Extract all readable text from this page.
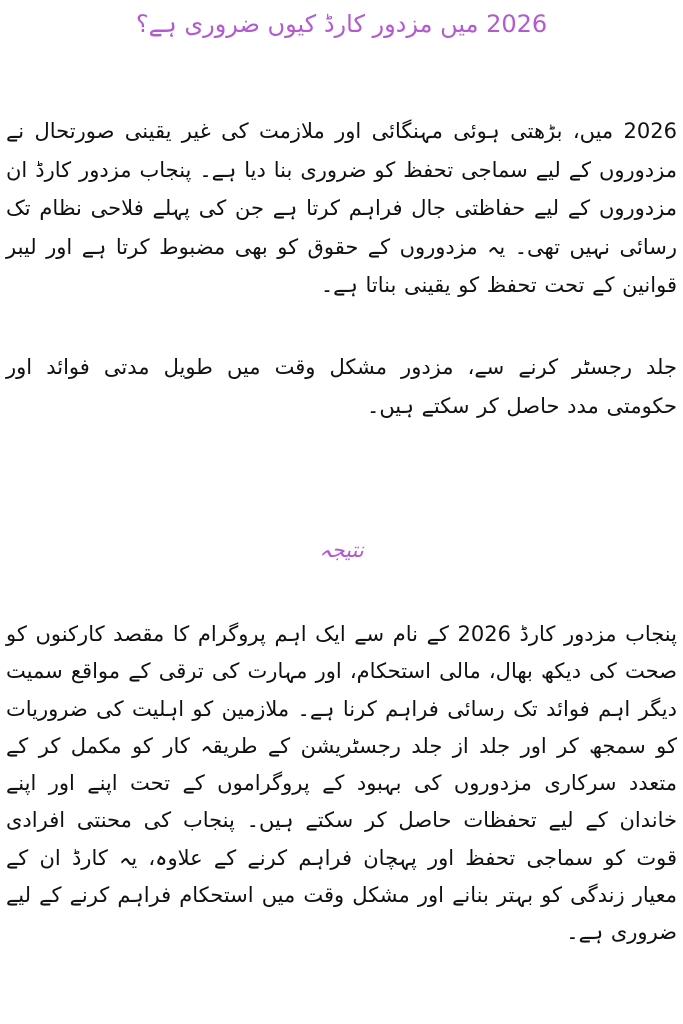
2026 میں مزدور کارڈ کیوں ضروری ہے؟

2026 میں، بڑھتی ہوئی مہنگائی اور ملازمت کی غیر یقینی صورتحال نے مزدوروں کے لیے سماجی تحفظ کو ضروری بنا دیا ہے۔ پنجاب مزدور کارڈ ان مزدوروں کے لیے حفاظتی جال فراہم کرتا ہے جن کی پہلے فلاحی نظام تک رسائی نہیں تھی۔ یہ مزدوروں کے حقوق کو بھی مضبوط کرتا ہے اور لیبر قوانین کے تحت تحفظ کو یقینی بناتا ہے۔

جلد رجسٹر کرنے سے، مزدور مشکل وقت میں طویل مدتی فوائد اور حکومتی مدد حاصل کر سکتے ہیں۔

نتیجہ

پنجاب مزدور کارڈ 2026 کے نام سے ایک اہم پروگرام کا مقصد کارکنوں کو صحت کی دیکھ بھال، مالی استحکام، اور مہارت کی ترقی کے مواقع سمیت دیگر اہم فوائد تک رسائی فراہم کرنا ہے۔ ملازمین کو اہلیت کی ضروریات کو سمجھ کر اور جلد از جلد رجسٹریشن کے طریقہ کار کو مکمل کر کے متعدد سرکاری مزدوروں کی بہبود کے پروگراموں کے تحت اپنے اور اپنے خاندان کے لیے تحفظات حاصل کر سکتے ہیں۔ پنجاب کی محنتی افرادی قوت کو سماجی تحفظ اور پہچان فراہم کرنے کے علاوہ، یہ کارڈ ان کے معیار زندگی کو بہتر بنانے اور مشکل وقت میں استحکام فراہم کرنے کے لیے ضروری ہے۔
